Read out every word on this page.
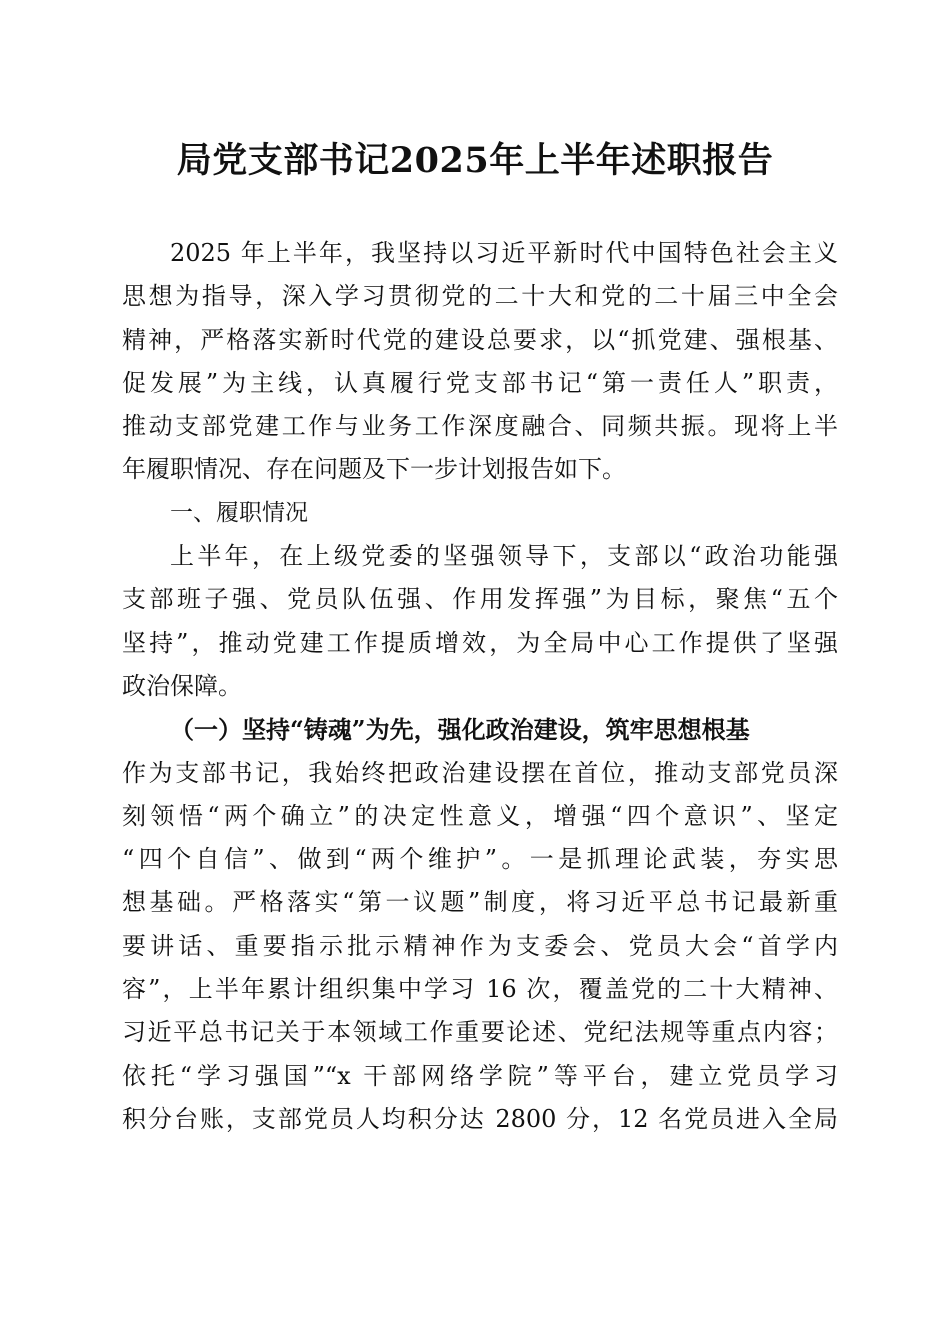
局党支部书记2025年上半年述职报告
2025 年上半年，我坚持以习近平新时代中国特色社会主义
思想为指导，深入学习贯彻党的二十大和党的二十届三中全会
精神，严格落实新时代党的建设总要求，以“抓党建、强根基、
促发展”为主线，认真履行党支部书记“第一责任人”职责，
推动支部党建工作与业务工作深度融合、同频共振。现将上半
年履职情况、存在问题及下一步计划报告如下。
一、履职情况
上半年，在上级党委的坚强领导下，支部以“政治功能强
支部班子强、党员队伍强、作用发挥强”为目标，聚焦“五个
坚持”，推动党建工作提质增效，为全局中心工作提供了坚强
政治保障。
（一）坚持“铸魂”为先，强化政治建设，筑牢思想根基
作为支部书记，我始终把政治建设摆在首位，推动支部党员深
刻领悟“两个确立”的决定性意义，增强“四个意识”、坚定
“四个自信”、做到“两个维护”。一是抓理论武装，夯实思
想基础。严格落实“第一议题”制度，将习近平总书记最新重
要讲话、重要指示批示精神作为支委会、党员大会“首学内
容”，上半年累计组织集中学习 16 次，覆盖党的二十大精神、
习近平总书记关于本领域工作重要论述、党纪法规等重点内容；
依托“学习强国”“x 干部网络学院”等平台，建立党员学习
积分台账，支部党员人均积分达 2800 分，12 名党员进入全局
